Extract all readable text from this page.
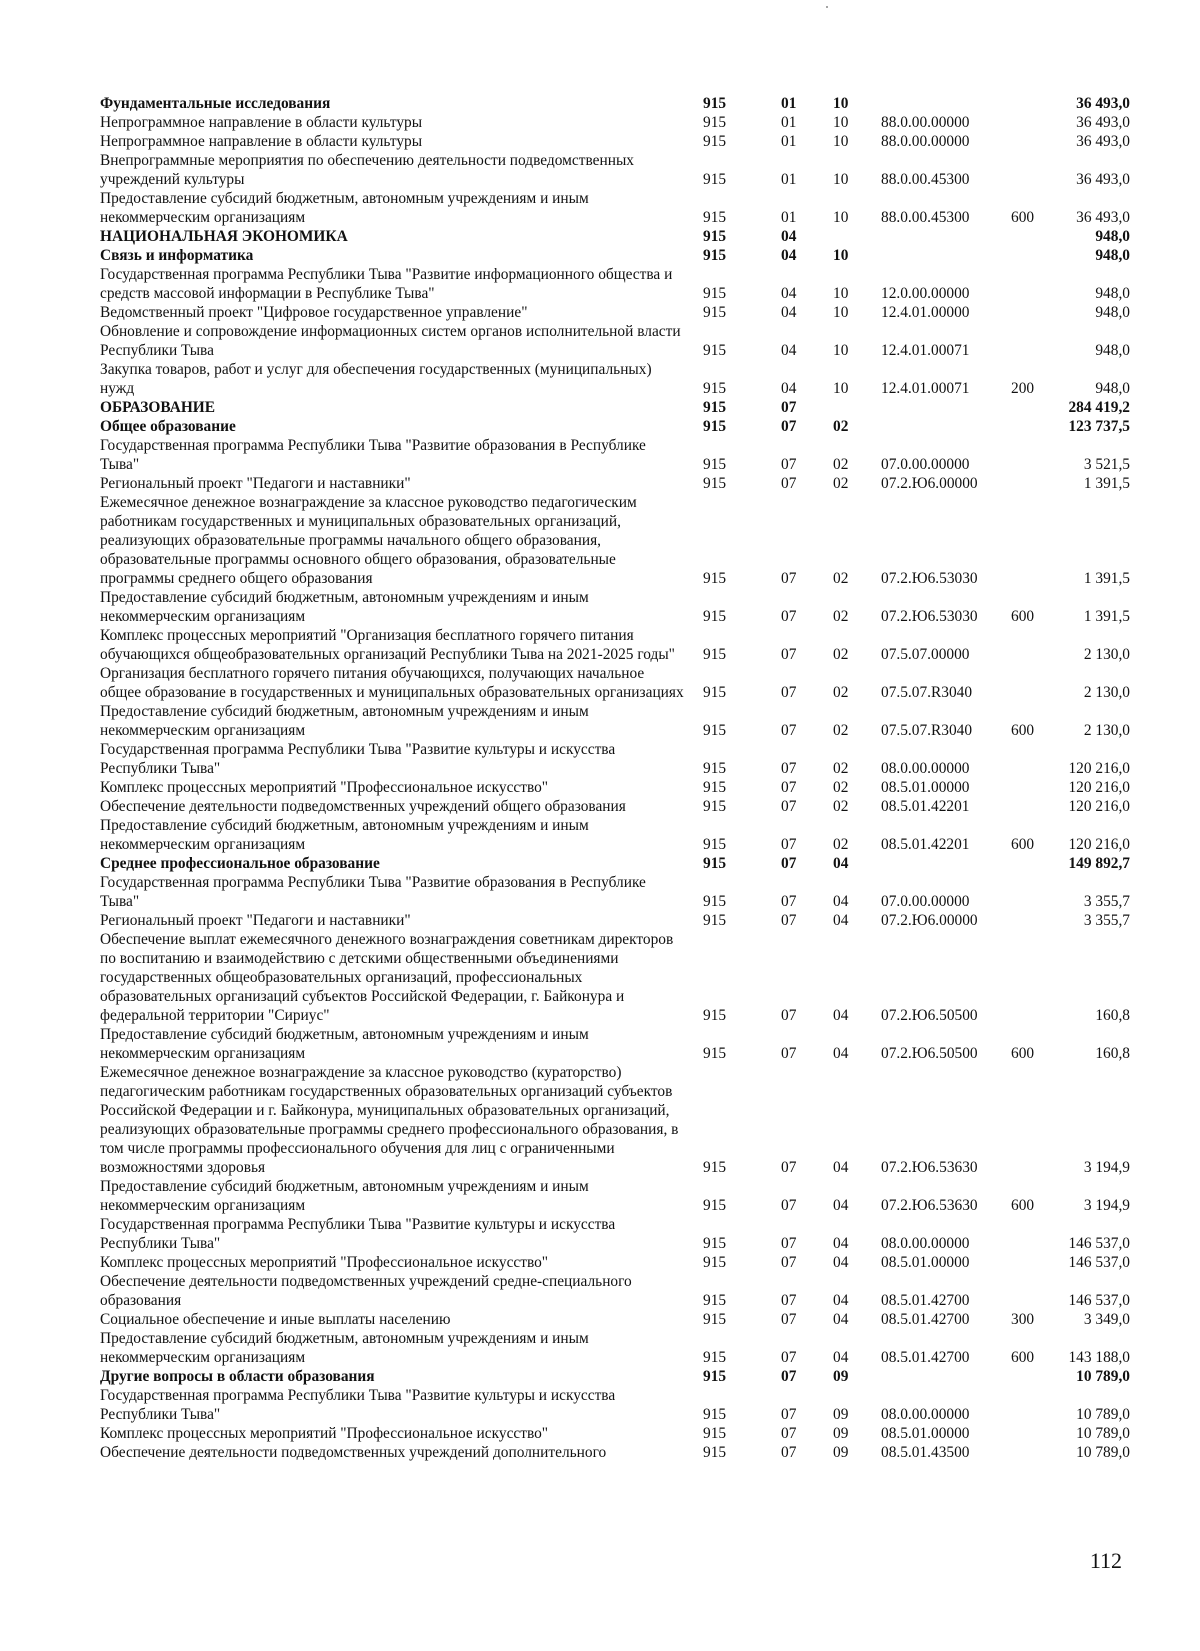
Фундаментальные исследования	915	01	10			36 493,0
Непрограммное направление в области культуры	915	01	10	88.0.00.00000		36 493,0
Непрограммное направление в области культуры	915	01	10	88.0.00.00000		36 493,0
Внепрограммные мероприятия по обеспечению деятельности подведомственных учреждений культуры	915	01	10	88.0.00.45300		36 493,0
Предоставление субсидий бюджетным, автономным учреждениям и иным некоммерческим организациям	915	01	10	88.0.00.45300	600	36 493,0
НАЦИОНАЛЬНАЯ ЭКОНОМИКА	915	04				948,0
Связь и информатика	915	04	10			948,0
Государственная программа Республики Тыва "Развитие информационного общества и средств массовой информации в Республике Тыва"	915	04	10	12.0.00.00000		948,0
Ведомственный проект "Цифровое государственное управление"	915	04	10	12.4.01.00000		948,0
Обновление и сопровождение информационных систем органов исполнительной власти Республики Тыва	915	04	10	12.4.01.00071		948,0
Закупка товаров, работ и услуг для обеспечения государственных (муниципальных) нужд	915	04	10	12.4.01.00071	200	948,0
ОБРАЗОВАНИЕ	915	07				284 419,2
Общее образование	915	07	02			123 737,5
Государственная программа Республики Тыва "Развитие образования в Республике Тыва"	915	07	02	07.0.00.00000		3 521,5
Региональный проект "Педагоги и наставники"	915	07	02	07.2.Ю6.00000		1 391,5
Ежемесячное денежное вознаграждение за классное руководство педагогическим работникам государственных и муниципальных образовательных организаций, реализующих образовательные программы начального общего образования, образовательные программы основного общего образования, образовательные программы среднего общего образования	915	07	02	07.2.Ю6.53030		1 391,5
Предоставление субсидий бюджетным, автономным учреждениям и иным некоммерческим организациям	915	07	02	07.2.Ю6.53030	600	1 391,5
Комплекс процессных мероприятий "Организация бесплатного горячего питания обучающихся общеобразовательных организаций Республики Тыва на 2021-2025 годы"	915	07	02	07.5.07.00000		2 130,0
Организация бесплатного горячего питания обучающихся, получающих начальное общее образование в государственных и муниципальных образовательных организациях	915	07	02	07.5.07.R3040		2 130,0
Предоставление субсидий бюджетным, автономным учреждениям и иным некоммерческим организациям	915	07	02	07.5.07.R3040	600	2 130,0
Государственная программа Республики Тыва "Развитие культуры и искусства Республики Тыва"	915	07	02	08.0.00.00000		120 216,0
Комплекс процессных мероприятий "Профессиональное искусство"	915	07	02	08.5.01.00000		120 216,0
Обеспечение деятельности подведомственных учреждений общего образования	915	07	02	08.5.01.42201		120 216,0
Предоставление субсидий бюджетным, автономным учреждениям и иным некоммерческим организациям	915	07	02	08.5.01.42201	600	120 216,0
Среднее профессиональное образование	915	07	04			149 892,7
Государственная программа Республики Тыва "Развитие образования в Республике Тыва"	915	07	04	07.0.00.00000		3 355,7
Региональный проект "Педагоги и наставники"	915	07	04	07.2.Ю6.00000		3 355,7
Обеспечение выплат ежемесячного денежного вознаграждения советникам директоров по воспитанию и взаимодействию с детскими общественными объединениями государственных общеобразовательных организаций, профессиональных образовательных организаций субъектов Российской Федерации, г. Байконура и федеральной территории "Сириус"	915	07	04	07.2.Ю6.50500		160,8
Предоставление субсидий бюджетным, автономным учреждениям и иным некоммерческим организациям	915	07	04	07.2.Ю6.50500	600	160,8
Ежемесячное денежное вознаграждение за классное руководство (кураторство) педагогическим работникам государственных образовательных организаций субъектов Российской Федерации и г. Байконура, муниципальных образовательных организаций, реализующих образовательные программы среднего профессионального образования, в том числе программы профессионального обучения для лиц с ограниченными возможностями здоровья	915	07	04	07.2.Ю6.53630		3 194,9
Предоставление субсидий бюджетным, автономным учреждениям и иным некоммерческим организациям	915	07	04	07.2.Ю6.53630	600	3 194,9
Государственная программа Республики Тыва "Развитие культуры и искусства Республики Тыва"	915	07	04	08.0.00.00000		146 537,0
Комплекс процессных мероприятий "Профессиональное искусство"	915	07	04	08.5.01.00000		146 537,0
Обеспечение деятельности подведомственных учреждений средне-специального образования	915	07	04	08.5.01.42700		146 537,0
Социальное обеспечение и иные выплаты населению	915	07	04	08.5.01.42700	300	3 349,0
Предоставление субсидий бюджетным, автономным учреждениям и иным некоммерческим организациям	915	07	04	08.5.01.42700	600	143 188,0
Другие вопросы в области образования	915	07	09			10 789,0
Государственная программа Республики Тыва "Развитие культуры и искусства Республики Тыва"	915	07	09	08.0.00.00000		10 789,0
Комплекс процессных мероприятий "Профессиональное искусство"	915	07	09	08.5.01.00000		10 789,0
Обеспечение деятельности подведомственных учреждений дополнительного	915	07	09	08.5.01.43500		10 789,0
112
